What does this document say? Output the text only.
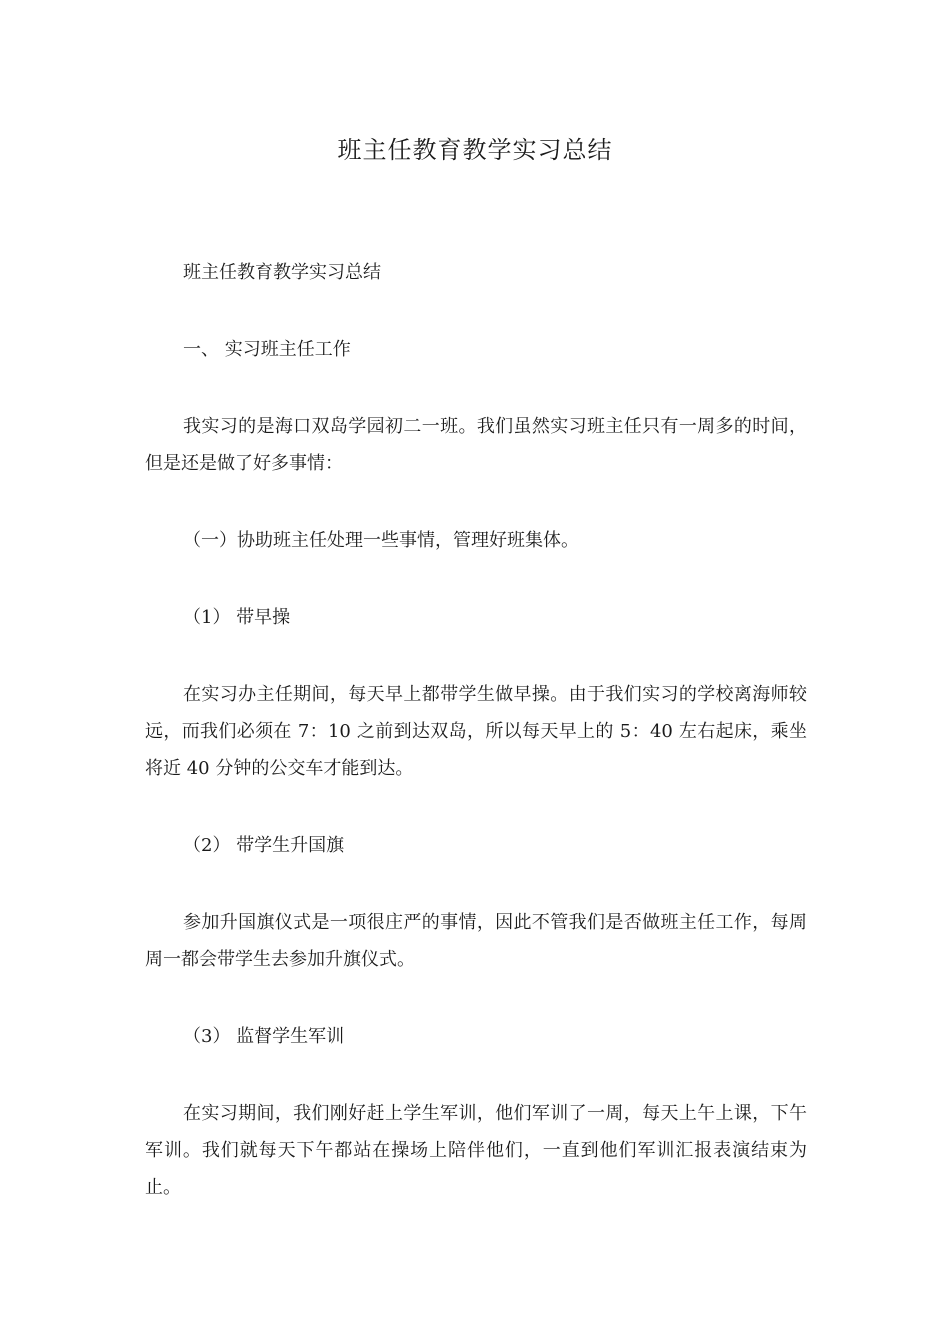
班主任教育教学实习总结

班主任教育教学实习总结

一、 实习班主任工作

我实习的是海口双岛学园初二一班。我们虽然实习班主任只有一周多的时间，但是还是做了好多事情：

（一）协助班主任处理一些事情，管理好班集体。

（1） 带早操

在实习办主任期间，每天早上都带学生做早操。由于我们实习的学校离海师较远，而我们必须在 7：10 之前到达双岛，所以每天早上的 5：40 左右起床，乘坐将近 40 分钟的公交车才能到达。

（2） 带学生升国旗

参加升国旗仪式是一项很庄严的事情，因此不管我们是否做班主任工作，每周周一都会带学生去参加升旗仪式。

（3） 监督学生军训

在实习期间，我们刚好赶上学生军训，他们军训了一周，每天上午上课，下午军训。我们就每天下午都站在操场上陪伴他们，一直到他们军训汇报表演结束为止。
